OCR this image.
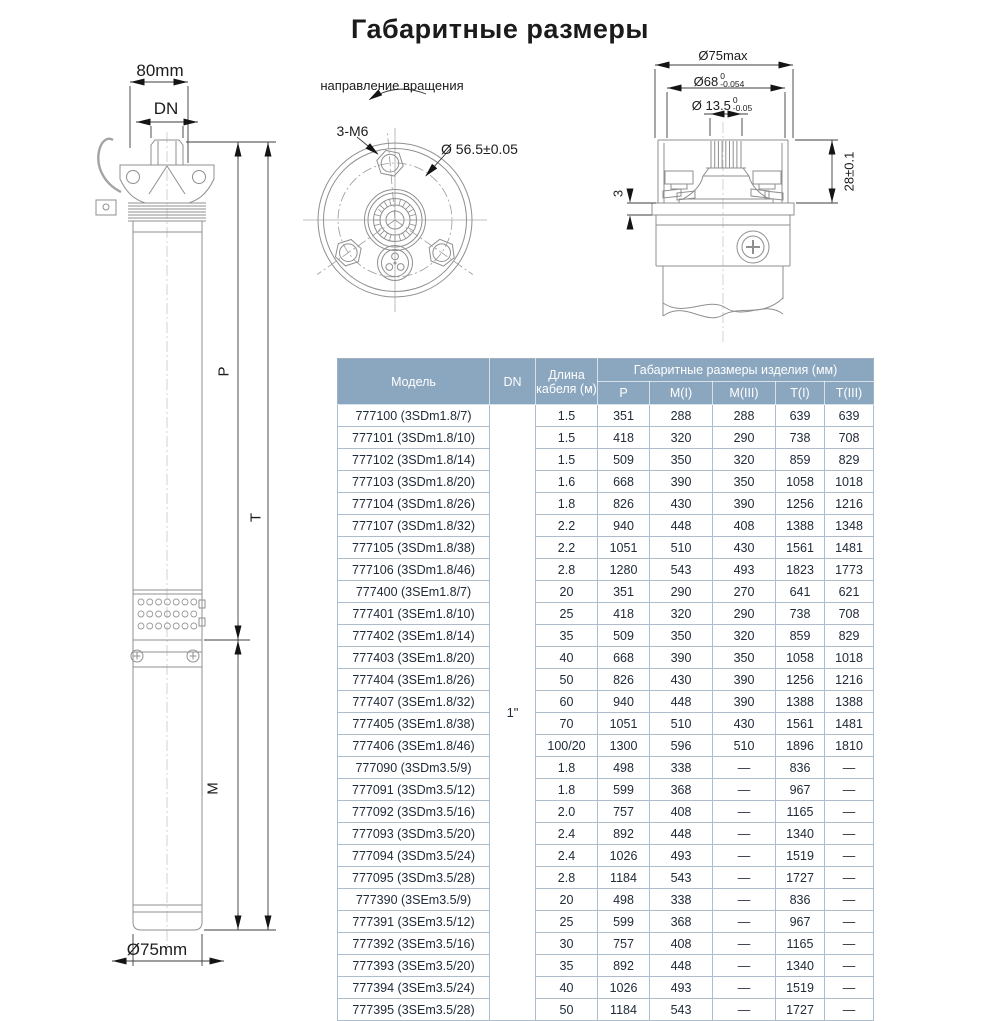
Габаритные размеры
80mm
DN
P
T
M
Ø75mm
направление вращения
3-M6
Ø 56.5±0.05
Ø75max
Ø68 0
-0.054
Ø 13.5 0
-0.05
28±0.1
3
Модель	DN	Длина кабеля (м)	Габаритные размеры изделия (мм)				
			P	M(I)	M(III)	T(I)	T(III)
777100 (3SDm1.8/7)	1"	1.5	351	288	288	639	639
777101 (3SDm1.8/10)		1.5	418	320	290	738	708
777102 (3SDm1.8/14)		1.5	509	350	320	859	829
777103 (3SDm1.8/20)		1.6	668	390	350	1058	1018
777104 (3SDm1.8/26)		1.8	826	430	390	1256	1216
777107 (3SDm1.8/32)		2.2	940	448	408	1388	1348
777105 (3SDm1.8/38)		2.2	1051	510	430	1561	1481
777106 (3SDm1.8/46)		2.8	1280	543	493	1823	1773
777400 (3SEm1.8/7)		20	351	290	270	641	621
777401 (3SEm1.8/10)		25	418	320	290	738	708
777402 (3SEm1.8/14)		35	509	350	320	859	829
777403 (3SEm1.8/20)		40	668	390	350	1058	1018
777404 (3SEm1.8/26)		50	826	430	390	1256	1216
777407 (3SEm1.8/32)		60	940	448	390	1388	1388
777405 (3SEm1.8/38)		70	1051	510	430	1561	1481
777406 (3SEm1.8/46)		100/20	1300	596	510	1896	1810
777090 (3SDm3.5/9)		1.8	498	338	—	836	—
777091 (3SDm3.5/12)		1.8	599	368	—	967	—
777092 (3SDm3.5/16)		2.0	757	408	—	1165	—
777093 (3SDm3.5/20)		2.4	892	448	—	1340	—
777094 (3SDm3.5/24)		2.4	1026	493	—	1519	—
777095 (3SDm3.5/28)		2.8	1184	543	—	1727	—
777390 (3SEm3.5/9)		20	498	338	—	836	—
777391 (3SEm3.5/12)		25	599	368	—	967	—
777392 (3SEm3.5/16)		30	757	408	—	1165	—
777393 (3SEm3.5/20)		35	892	448	—	1340	—
777394 (3SEm3.5/24)		40	1026	493	—	1519	—
777395 (3SEm3.5/28)		50	1184	543	—	1727	—
